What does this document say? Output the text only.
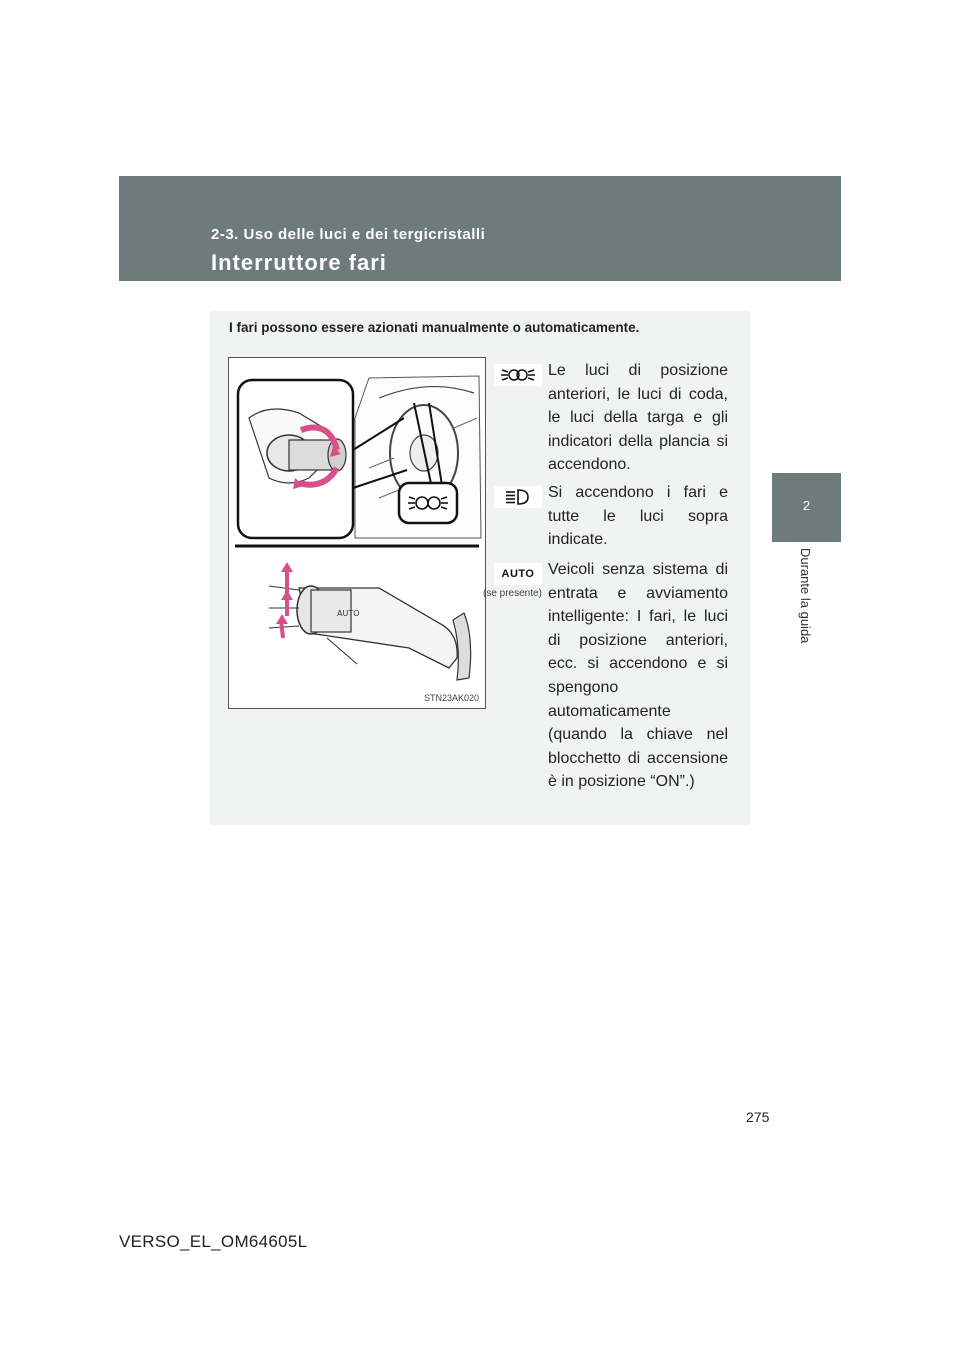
2-3. Uso delle luci e dei tergicristalli
Interruttore fari
2
Durante la guida
I fari possono essere azionati manualmente o automaticamente.
AUTO
STN23AK020
Le luci di posizione anteriori, le luci di coda, le luci della targa e gli indicatori della plancia si accendono.
Si accendono i fari e tutte le luci sopra indicate.
AUTO
(se presente)
Veicoli senza sistema di entrata e avviamento intelligente: I fari, le luci di posizione anteriori, ecc. si accendono e si spengono automaticamente (quando la chiave nel blocchetto di accensione è in posizione “ON”.)
275
VERSO_EL_OM64605L
